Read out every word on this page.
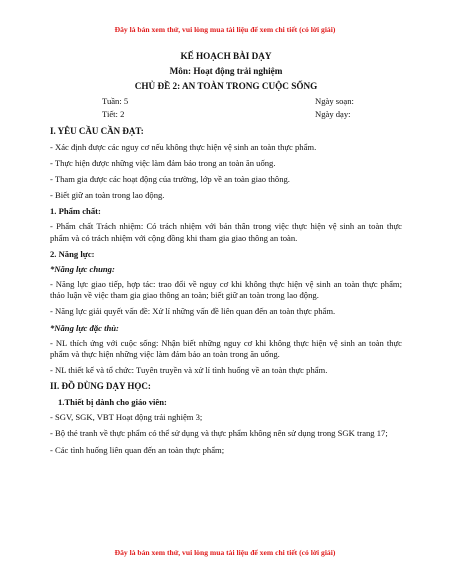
Đây là bản xem thử, vui lòng mua tài liệu để xem chi tiết (có lời giải)

KẾ HOẠCH BÀI DẠY

Môn: Hoạt động trải nghiệm

CHỦ ĐỀ 2: AN TOÀN TRONG CUỘC SỐNG

Tuần: 5	Ngày soạn:
Tiết: 2	Ngày dạy:
I. YÊU CẦU CẦN ĐẠT:

- Xác định được các nguy cơ nếu không thực hiện vệ sinh an toàn thực phẩm.

- Thực hiện được những việc làm đảm bảo trong an toàn ăn uống.

- Tham gia được các hoạt động của trường, lớp về an toàn giao thông.

- Biết giữ an toàn trong lao động.

1. Phẩm chất:

- Phẩm chất Trách nhiệm: Có trách nhiệm với bản thân trong việc thực hiện vệ sinh an toàn thực phẩm và có trách nhiệm với cộng đồng khi tham gia giao thông an toàn.

2. Năng lực:

*Năng lực chung:

- Năng lực giao tiếp, hợp tác: trao đổi về nguy cơ khi không thực hiện vệ sinh an toàn thực phẩm; thảo luận về việc tham gia giao thông an toàn; biết giữ an toàn trong lao động.

- Năng lực giải quyết vấn đề: Xử lí những vấn đề liên quan đến an toàn thực phẩm.

*Năng lực đặc thù:

- NL thích ứng với cuộc sống: Nhận biết những nguy cơ khi không thực hiện vệ sinh an toàn thực phẩm và thực hiện những việc làm đảm bảo an toàn trong ăn uống.

- NL thiết kế và tổ chức: Tuyên truyền và xử lí tình huống về an toàn thực phẩm.

II. ĐỒ DÙNG DẠY HỌC:

1.Thiết bị dành cho giáo viên:

- SGV, SGK, VBT Hoạt động trải nghiệm 3;

- Bộ thẻ tranh về thực phẩm có thể sử dụng và thực phẩm không nên sử dụng trong SGK trang 17;

- Các tình huống liên quan đến an toàn thực phẩm;

Đây là bản xem thử, vui lòng mua tài liệu để xem chi tiết (có lời giải)
